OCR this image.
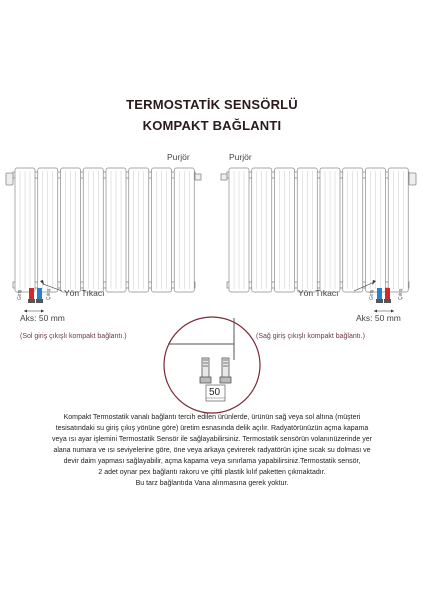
TERMOSTATİK SENSÖRLÜ
KOMPAKT BAĞLANTI
Purjör
Yön Tıkacı
Giriş	Çıkış
Aks: 50 mm
(Sol giriş çıkışlı kompakt bağlantı.)
Purjör
Yön Tıkacı	Giriş	Çıkış
Aks: 50 mm
(Sağ giriş çıkışlı kompakt bağlantı.)
50

Kompakt Termostatik vanalı bağlantı tercih edilen ürünlerde, ürünün sağ veya sol altına (müşteri

tesisatındaki su giriş çıkış yönüne göre) üretim esnasında delik açılır. Radyatörünüzün açma kapama

veya ısı ayar işlemini Termostatik Sensör ile sağlayabilirsiniz. Termostatik sensörün volanınüzerinde yer

alana numara ve ısı seviyelerine göre, öne veya arkaya çevirerek radyatörün içine sıcak su dolması ve

devir daim yapması sağlayabilir, açma kapama veya sınırlama yapabilirsiniz.Termostatik sensör,

2 adet oynar pex bağlantı rakoru ve çiftli plastik kılıf paketten çıkmaktadır.

Bu tarz bağlantıda Vana alınmasına gerek yoktur.
